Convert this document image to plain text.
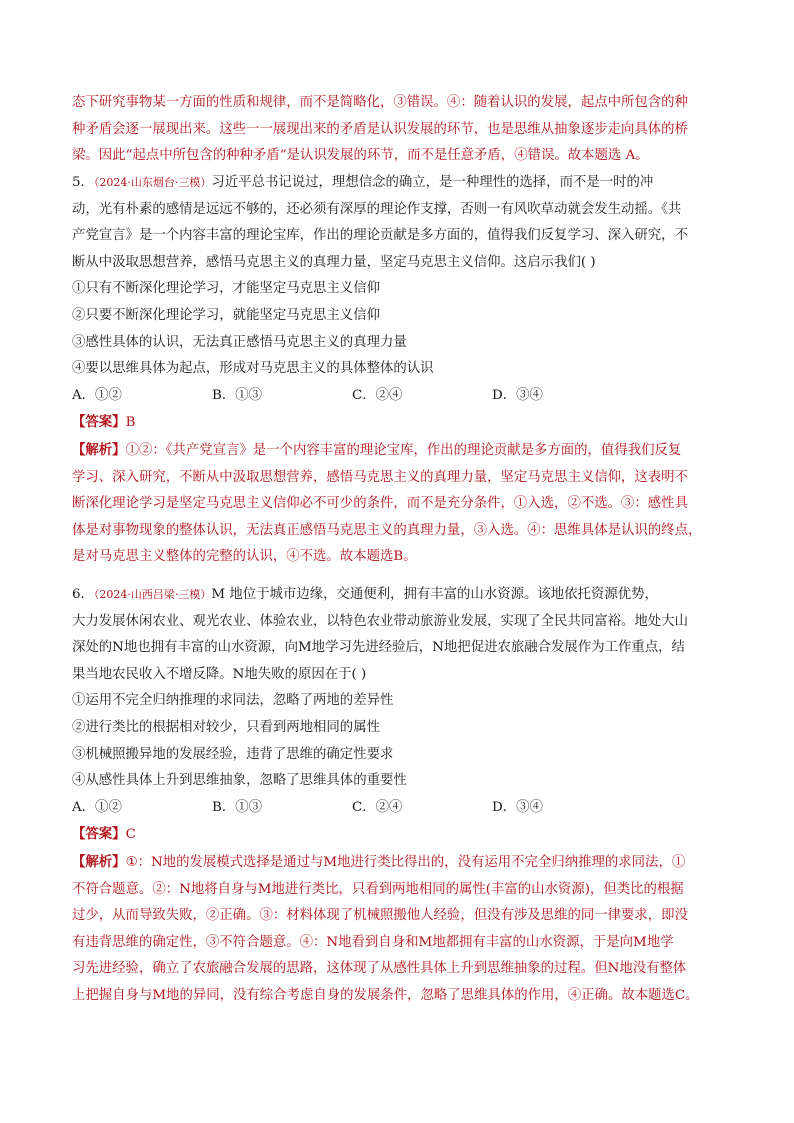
态下研究事物某一方面的性质和规律，而不是简略化，③错误。④：随着认识的发展，起点中所包含的种

种矛盾会逐一展现出来。这些一一展现出来的矛盾是认识发展的环节，也是思维从抽象逐步走向具体的桥

梁。因此“起点中所包含的种种矛盾”是认识发展的环节，而不是任意矛盾，④错误。故本题选 A。

5．（2024·山东烟台·三模）习近平总书记说过，理想信念的确立，是一种理性的选择，而不是一时的冲

动，光有朴素的感情是远远不够的，还必须有深厚的理论作支撑，否则一有风吹草动就会发生动摇。《共

产党宣言》是一个内容丰富的理论宝库，作出的理论贡献是多方面的，值得我们反复学习、深入研究，不

断从中汲取思想营养，感悟马克思主义的真理力量，坚定马克思主义信仰。这启示我们( )

①只有不断深化理论学习，才能坚定马克思主义信仰

②只要不断深化理论学习，就能坚定马克思主义信仰

③感性具体的认识，无法真正感悟马克思主义的真理力量

④要以思维具体为起点，形成对马克思主义的具体整体的认识

A．①②	B．①③	C．②④	D．③④

【答案】B

【解析】①②：《共产党宣言》是一个内容丰富的理论宝库，作出的理论贡献是多方面的，值得我们反复

学习、深入研究，不断从中汲取思想营养，感悟马克思主义的真理力量，坚定马克思主义信仰，这表明不

断深化理论学习是坚定马克思主义信仰必不可少的条件，而不是充分条件，①入选，②不选。③：感性具

体是对事物现象的整体认识，无法真正感悟马克思主义的真理力量，③入选。④：思维具体是认识的终点，

是对马克思主义整体的完整的认识，④不选。故本题选B。

6．（2024·山西吕梁·三模）M 地位于城市边缘，交通便利，拥有丰富的山水资源。该地依托资源优势，

大力发展休闲农业、观光农业、体验农业，以特色农业带动旅游业发展，实现了全民共同富裕。地处大山

深处的N地也拥有丰富的山水资源，向M地学习先进经验后，N地把促进农旅融合发展作为工作重点，结

果当地农民收入不增反降。N地失败的原因在于( )

①运用不完全归纳推理的求同法，忽略了两地的差异性

②进行类比的根据相对较少，只看到两地相同的属性

③机械照搬异地的发展经验，违背了思维的确定性要求

④从感性具体上升到思维抽象，忽略了思维具体的重要性

A．①②	B．①③	C．②④	D．③④

【答案】C

【解析】①：N地的发展模式选择是通过与M地进行类比得出的，没有运用不完全归纳推理的求同法，①

不符合题意。②：N地将自身与M地进行类比，只看到两地相同的属性(丰富的山水资源)，但类比的根据

过少，从而导致失败，②正确。③：材料体现了机械照搬他人经验，但没有涉及思维的同一律要求，即没

有违背思维的确定性，③不符合题意。④：N地看到自身和M地都拥有丰富的山水资源，于是向M地学

习先进经验，确立了农旅融合发展的思路，这体现了从感性具体上升到思维抽象的过程。但N地没有整体

上把握自身与M地的异同，没有综合考虑自身的发展条件，忽略了思维具体的作用，④正确。故本题选C。
